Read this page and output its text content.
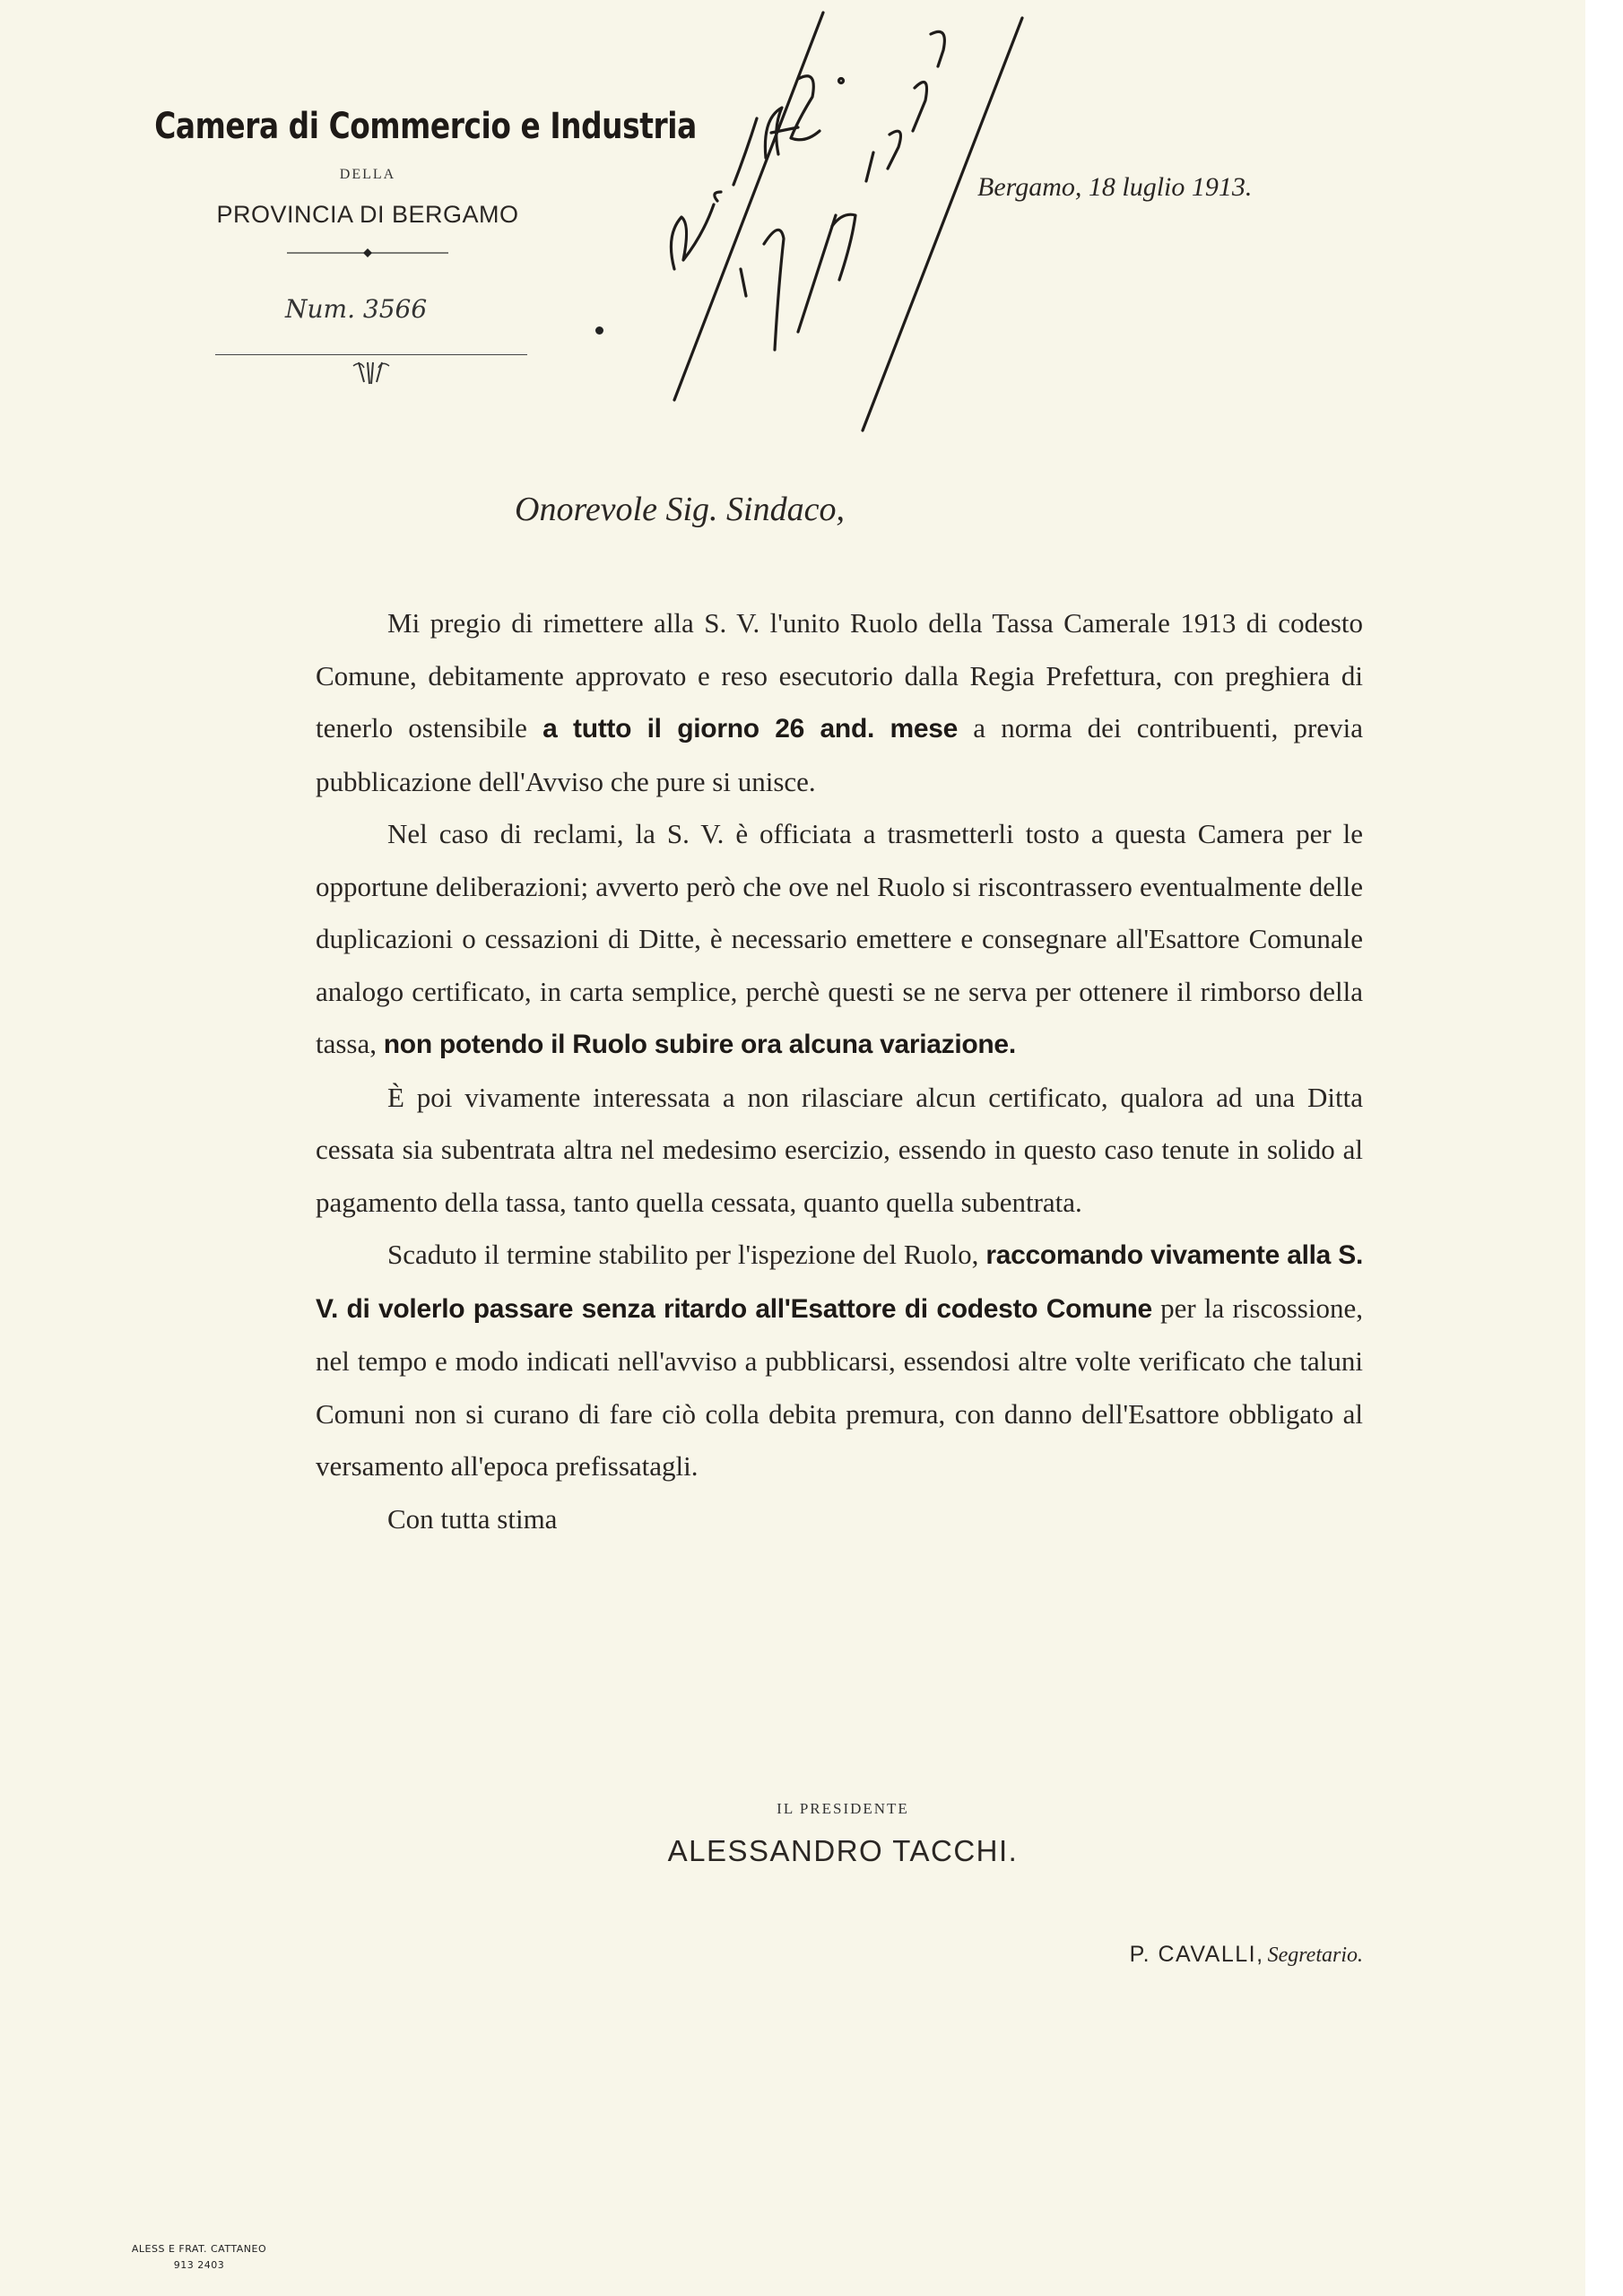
Camera di Commercio e Industria
DELLA
PROVINCIA DI BERGAMO
Num. 3566
Bergamo, 18 luglio 1913.
Onorevole Sig. Sindaco,

Mi pregio di rimettere alla S. V. l'unito Ruolo della Tassa Camerale 1913 di codesto Comune, debitamente approvato e reso esecutorio dalla Regia Prefettura, con preghiera di tenerlo ostensibile a tutto il giorno 26 and. mese a norma dei contribuenti, previa pubblicazione dell'Avviso che pure si unisce.

Nel caso di reclami, la S. V. è officiata a trasmetterli tosto a questa Camera per le opportune deliberazioni; avverto però che ove nel Ruolo si riscontrassero eventualmente delle duplicazioni o cessazioni di Ditte, è necessario emettere e consegnare all'Esattore Comunale analogo certificato, in carta semplice, perchè questi se ne serva per ottenere il rimborso della tassa, non potendo il Ruolo subire ora alcuna variazione.

È poi vivamente interessata a non rilasciare alcun certificato, qualora ad una Ditta cessata sia subentrata altra nel medesimo esercizio, essendo in questo caso tenute in solido al pagamento della tassa, tanto quella cessata, quanto quella subentrata.

Scaduto il termine stabilito per l'ispezione del Ruolo, raccomando vivamente alla S. V. di volerlo passare senza ritardo all'Esattore di codesto Comune per la riscossione, nel tempo e modo indicati nell'avviso a pubblicarsi, essendosi altre volte verificato che taluni Comuni non si curano di fare ciò colla debita premura, con danno dell'Esattore obbligato al versamento all'epoca prefissatagli.

Con tutta stima

IL PRESIDENTE
ALESSANDRO TACCHI.
P. CAVALLI, Segretario.
ALESS E FRAT. CATTANEO
913 2403
